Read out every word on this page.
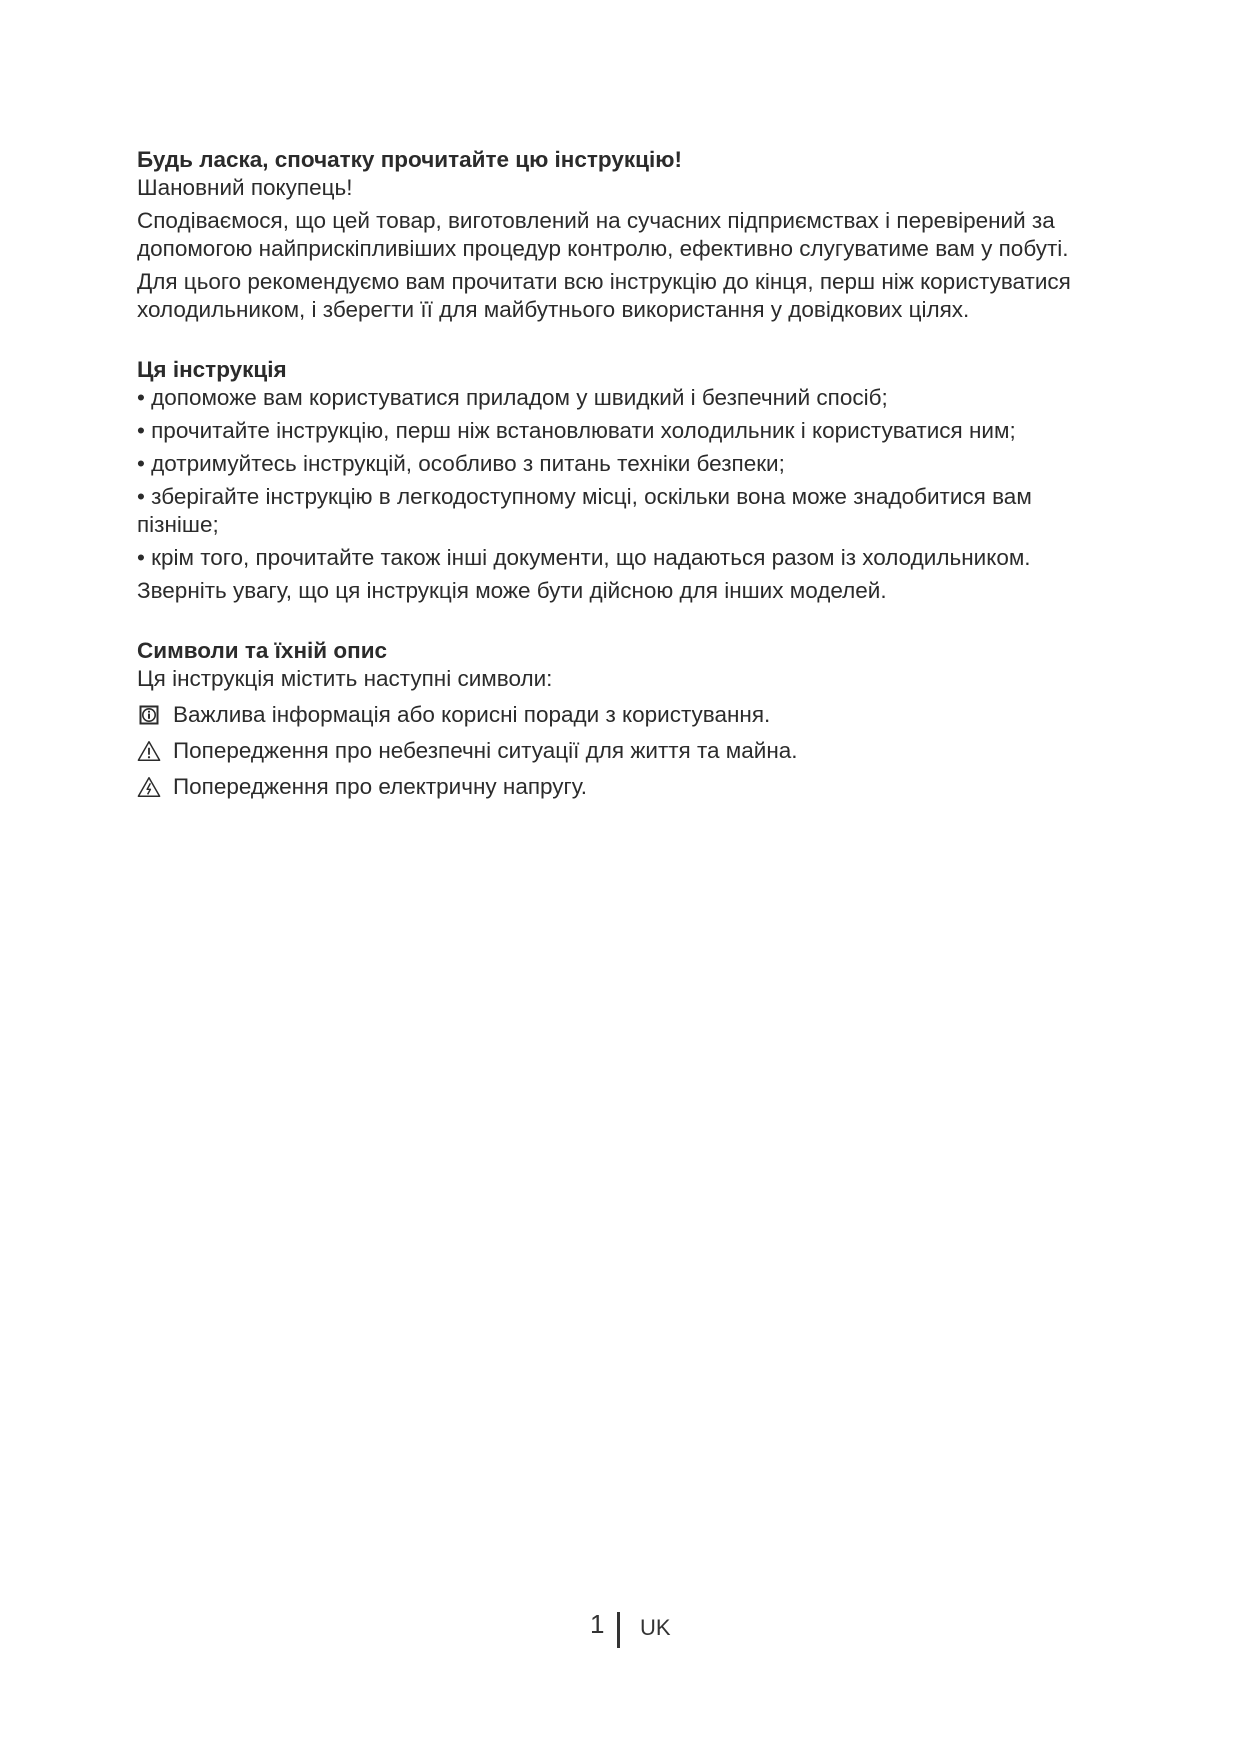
Будь ласка, спочатку прочитайте цю інструкцію!

Шановний покупець!

Сподіваємося, що цей товар, виготовлений на сучасних підприємствах і перевірений за допомогою найприскіпливіших процедур контролю, ефективно слугуватиме вам у побуті.

Для цього рекомендуємо вам прочитати всю інструкцію до кінця, перш ніж користуватися холодильником, і зберегти її для майбутнього використання у довідкових цілях.

Ця інструкція

• допоможе вам користуватися приладом у швидкий і безпечний спосіб;
• прочитайте інструкцію, перш ніж встановлювати холодильник і користуватися ним;
• дотримуйтесь інструкцій, особливо з питань техніки безпеки;
• зберігайте інструкцію в легкодоступному місці, оскільки вона може знадобитися вам пізніше;
• крім того, прочитайте також інші документи, що надаються разом із холодильником.

Зверніть увагу, що ця інструкція може бути дійсною для інших моделей.

Символи та їхній опис

Ця інструкція містить наступні символи:

Важлива інформація або корисні поради з користування.
Попередження про небезпечні ситуації для життя та майна.
Попередження про електричну напругу.
1 UK
